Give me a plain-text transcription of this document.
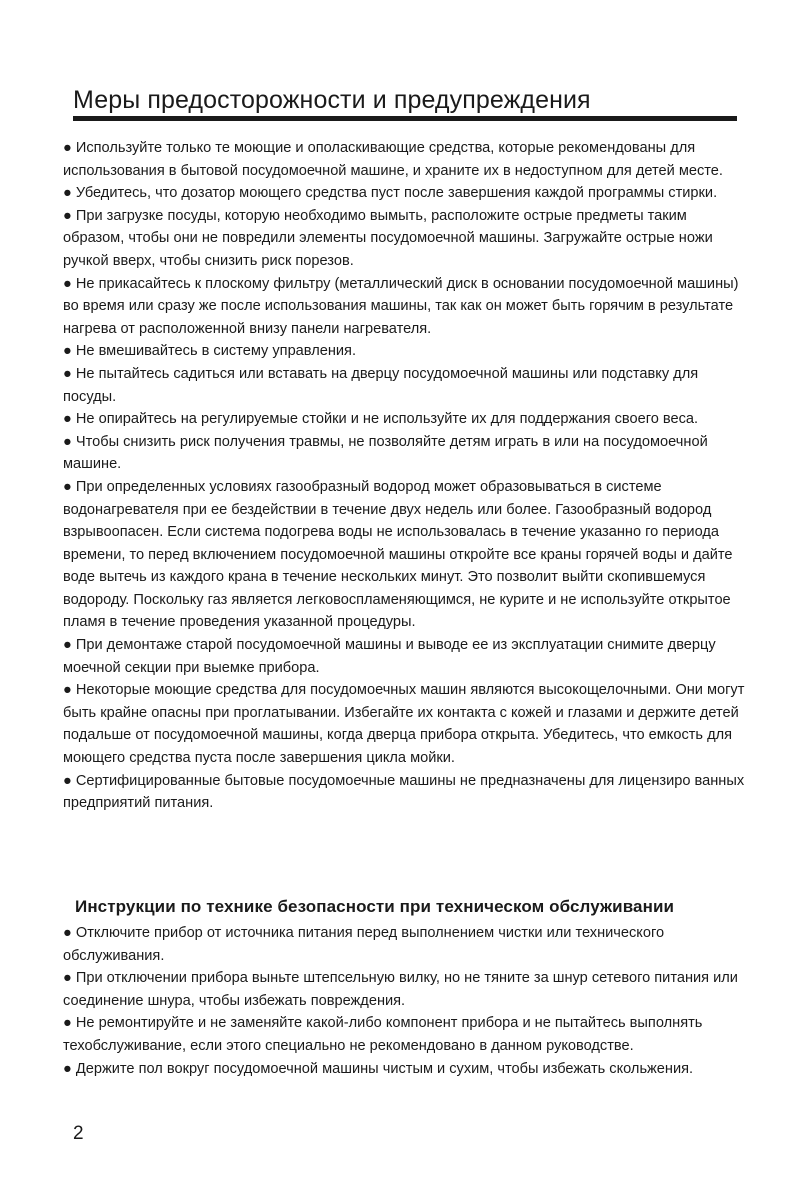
Меры предосторожности и предупреждения

● Используйте только те моющие и ополаскивающие средства, которые рекомендованы для использования в бытовой посудомоечной машине, и храните их в недоступном для детей месте.

● Убедитесь, что дозатор моющего средства пуст после завершения каждой программы стирки.

● При загрузке посуды, которую необходимо вымыть, расположите острые предметы таким образом, чтобы они не повредили элементы посудомоечной машины. Загружайте острые ножи ручкой вверх, чтобы снизить риск порезов.

● Не прикасайтесь к плоскому фильтру (металлический диск в основании посудомоечной машины) во время или сразу же после использования машины, так как он может быть горячим в результате нагрева от расположенной внизу панели нагревателя.

● Не вмешивайтесь в систему управления.

● Не пытайтесь садиться или вставать на дверцу посудомоечной машины или подставку для посуды.

● Не опирайтесь на регулируемые стойки и не используйте их для поддержания своего веса.

● Чтобы снизить риск получения травмы, не позволяйте детям играть в или на посудомоечной машине.

● При определенных условиях газообразный водород может образовываться в системе водонагревателя при ее бездействии в течение двух недель или более. Газообразный водород взрывоопасен. Если система подогрева воды не использовалась в течение указанно го периода времени, то перед включением посудомоечной машины откройте все краны горячей воды и дайте воде вытечь из каждого крана в течение нескольких минут. Это позволит выйти скопившемуся водороду. Поскольку газ является легковоспламеняющимся, не курите и не используйте открытое пламя в течение проведения указанной процедуры.

● При демонтаже старой посудомоечной машины и выводе ее из эксплуатации снимите дверцу моечной секции при выемке прибора.

● Некоторые моющие средства для посудомоечных машин являются высокощелочными. Они могут быть крайне опасны при проглатывании. Избегайте их контакта с кожей и глазами и держите детей подальше от посудомоечной машины, когда дверца прибора открыта. Убедитесь, что емкость для моющего средства пуста после завершения цикла мойки.

● Сертифицированные бытовые посудомоечные машины не предназначены для лицензиро ванных предприятий питания.

Инструкции по технике безопасности при техническом обслуживании

● Отключите прибор от источника питания перед выполнением чистки или технического обслуживания.

● При отключении прибора выньте штепсельную вилку, но не тяните за шнур сетевого питания или соединение шнура, чтобы избежать повреждения.

● Не ремонтируйте и не заменяйте какой-либо компонент прибора и не пытайтесь выполнять техобслуживание, если этого специально не рекомендовано в данном руководстве.

● Держите пол вокруг посудомоечной машины чистым и сухим, чтобы избежать скольжения.

2
